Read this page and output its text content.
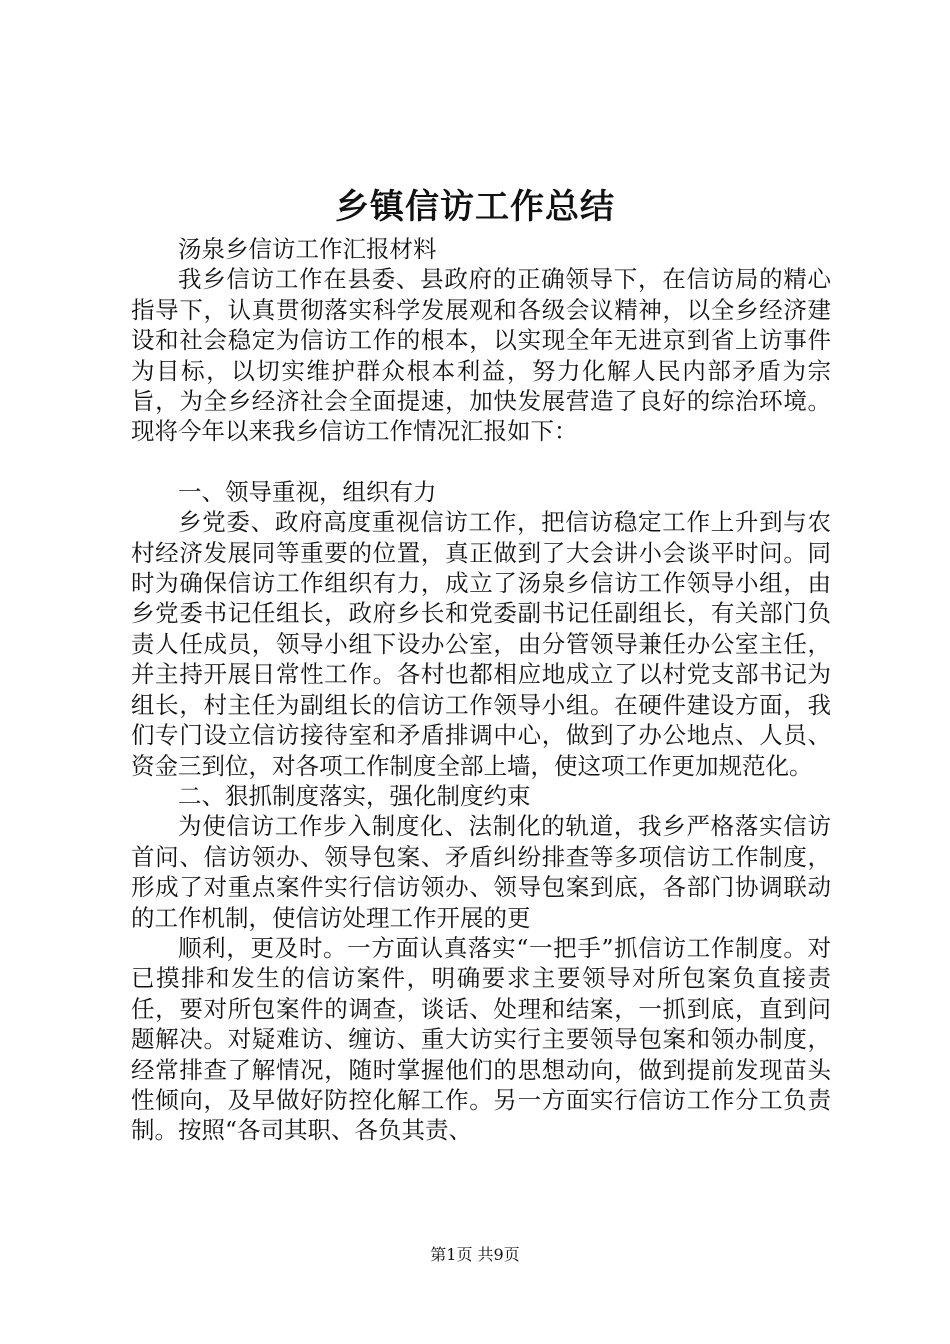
乡镇信访工作总结

汤泉乡信访工作汇报材料

我乡信访工作在县委、县政府的正确领导下，在信访局的精心指导下，认真贯彻落实科学发展观和各级会议精神，以全乡经济建设和社会稳定为信访工作的根本，以实现全年无进京到省上访事件为目标，以切实维护群众根本利益，努力化解人民内部矛盾为宗旨，为全乡经济社会全面提速，加快发展营造了良好的综治环境。现将今年以来我乡信访工作情况汇报如下：

一、领导重视，组织有力

乡党委、政府高度重视信访工作，把信访稳定工作上升到与农村经济发展同等重要的位置，真正做到了大会讲小会谈平时问。同时为确保信访工作组织有力，成立了汤泉乡信访工作领导小组，由乡党委书记任组长，政府乡长和党委副书记任副组长，有关部门负责人任成员，领导小组下设办公室，由分管领导兼任办公室主任，并主持开展日常性工作。各村也都相应地成立了以村党支部书记为组长，村主任为副组长的信访工作领导小组。在硬件建设方面，我们专门设立信访接待室和矛盾排调中心，做到了办公地点、人员、资金三到位，对各项工作制度全部上墙，使这项工作更加规范化。

二、狠抓制度落实，强化制度约束

为使信访工作步入制度化、法制化的轨道，我乡严格落实信访首问、信访领办、领导包案、矛盾纠纷排查等多项信访工作制度，形成了对重点案件实行信访领办、领导包案到底，各部门协调联动的工作机制，使信访处理工作开展的更

顺利，更及时。一方面认真落实“一把手”抓信访工作制度。对已摸排和发生的信访案件，明确要求主要领导对所包案负直接责任，要对所包案件的调查，谈话、处理和结案，一抓到底，直到问题解决。对疑难访、缠访、重大访实行主要领导包案和领办制度，经常排查了解情况，随时掌握他们的思想动向，做到提前发现苗头性倾向，及早做好防控化解工作。另一方面实行信访工作分工负责制。按照“各司其职、各负其责、

第1页 共9页
